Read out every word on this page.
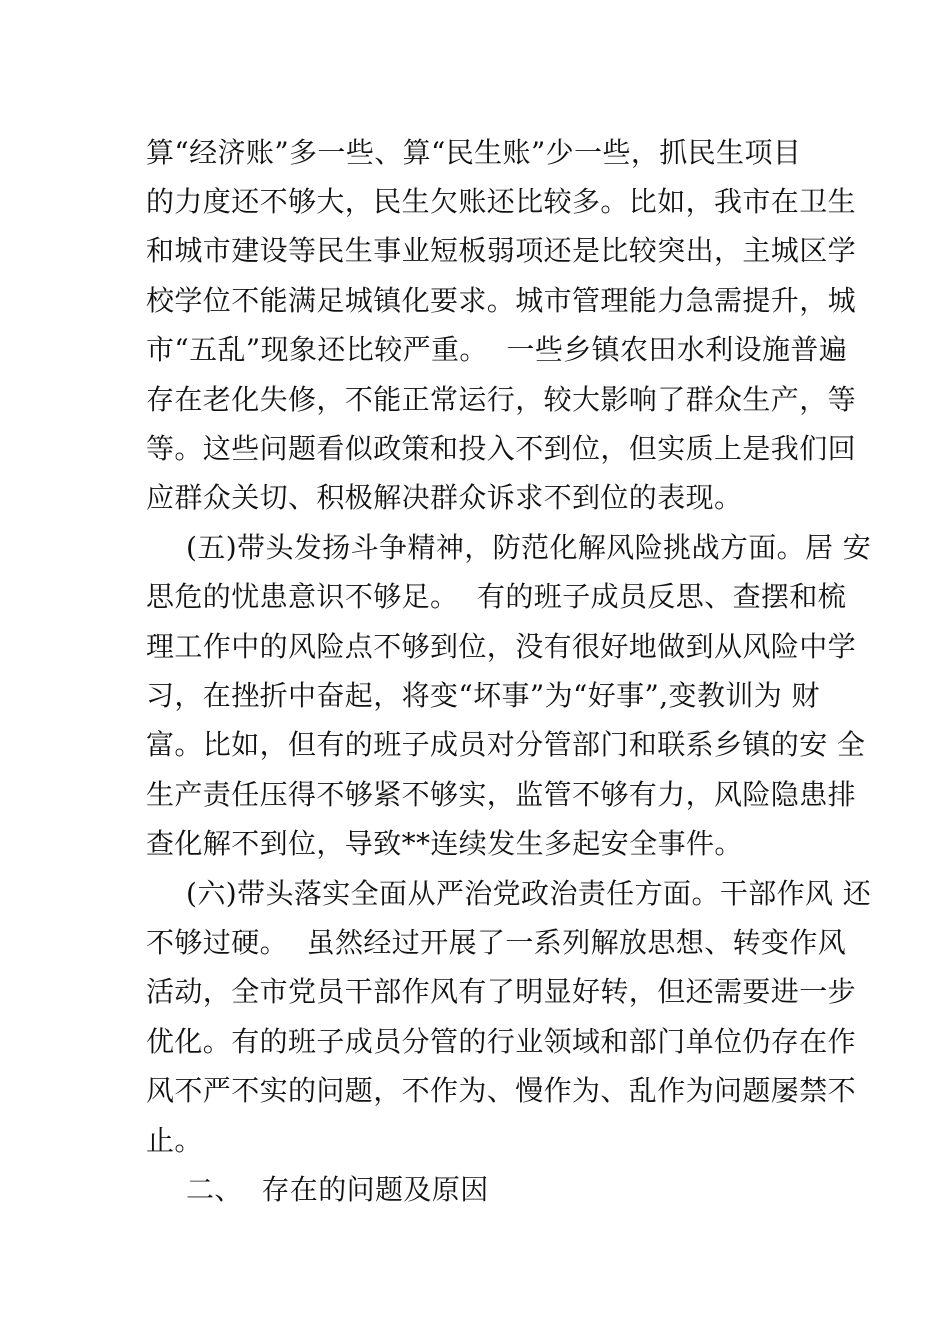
算“经济账”多一些、算“民生账”少一些，抓民生项目
的力度还不够大，民生欠账还比较多。比如，我市在卫生
和城市建设等民生事业短板弱项还是比较突出，主城区学
校学位不能满足城镇化要求。城市管理能力急需提升，城
市“五乱”现象还比较严重。  一些乡镇农田水利设施普遍
存在老化失修，不能正常运行，较大影响了群众生产，等
等。这些问题看似政策和投入不到位，但实质上是我们回
应群众关切、积极解决群众诉求不到位的表现。
(五)带头发扬斗争精神，防范化解风险挑战方面。居 安
思危的忧患意识不够足。  有的班子成员反思、查摆和梳
理工作中的风险点不够到位，没有很好地做到从风险中学
习，在挫折中奋起，将变“坏事”为“好事”,变教训为 财
富。比如，但有的班子成员对分管部门和联系乡镇的安 全
生产责任压得不够紧不够实，监管不够有力，风险隐患排
查化解不到位，导致**连续发生多起安全事件。
(六)带头落实全面从严治党政治责任方面。干部作风 还
不够过硬。  虽然经过开展了一系列解放思想、转变作风
活动，全市党员干部作风有了明显好转，但还需要进一步
优化。有的班子成员分管的行业领域和部门单位仍存在作
风不严不实的问题，不作为、慢作为、乱作为问题屡禁不
止。
二、  存在的问题及原因
